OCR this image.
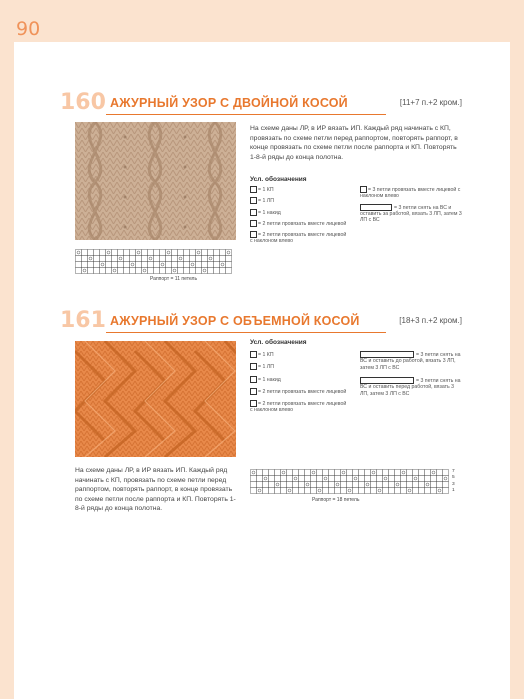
90
160 АЖУРНЫЙ УЗОР С ДВОЙНОЙ КОСОЙ	[11+7 п.+2 кром.]
На схеме даны ЛР, в ИР вязать ИП. Каждый ряд начинать с КП, провязать по схеме петли перед раппортом, повторять раппорт, в конце провязать по схеме петли после раппорта и КП. Повторять 1-8-й ряды до конца полотна.
Усл. обозначения
= 1 КП
= 1 ЛП
= 1 накид
= 2 петли провязать вместе лицевой
= 2 петли провязать вместе лицевой с наклоном влево
= 3 петли провязать вместе лицевой с наклоном влево
= 3 петли снять на ВС и оставить за работой, вязать 3 ЛП, затем 3 ЛП с ВС
Раппорт = 11 петель
161 АЖУРНЫЙ УЗОР С ОБЪЕМНОЙ КОСОЙ	[18+3 п.+2 кром.]
Усл. обозначения
= 1 КП
= 1 ЛП
= 1 накид
= 2 петли провязать вместе лицевой
= 2 петли провязать вместе лицевой с наклоном влево
= 3 петли снять на ВС и оставить до работой, вязать 3 ЛП, затем 3 ЛП с ВС
= 3 петли снять на ВС и оставить перед работой, вязать 3 ЛП, затем 3 ЛП с ВС
На схеме даны ЛР, в ИР вязать ИП. Каждый ряд начинать с КП, провязать по схеме петли перед раппортом, повторять раппорт, в конце провязать по схеме петли после раппорта и КП. Повторять 1-8-й ряды до конца полотна.
7
5
3
1
Раппорт = 18 петель
